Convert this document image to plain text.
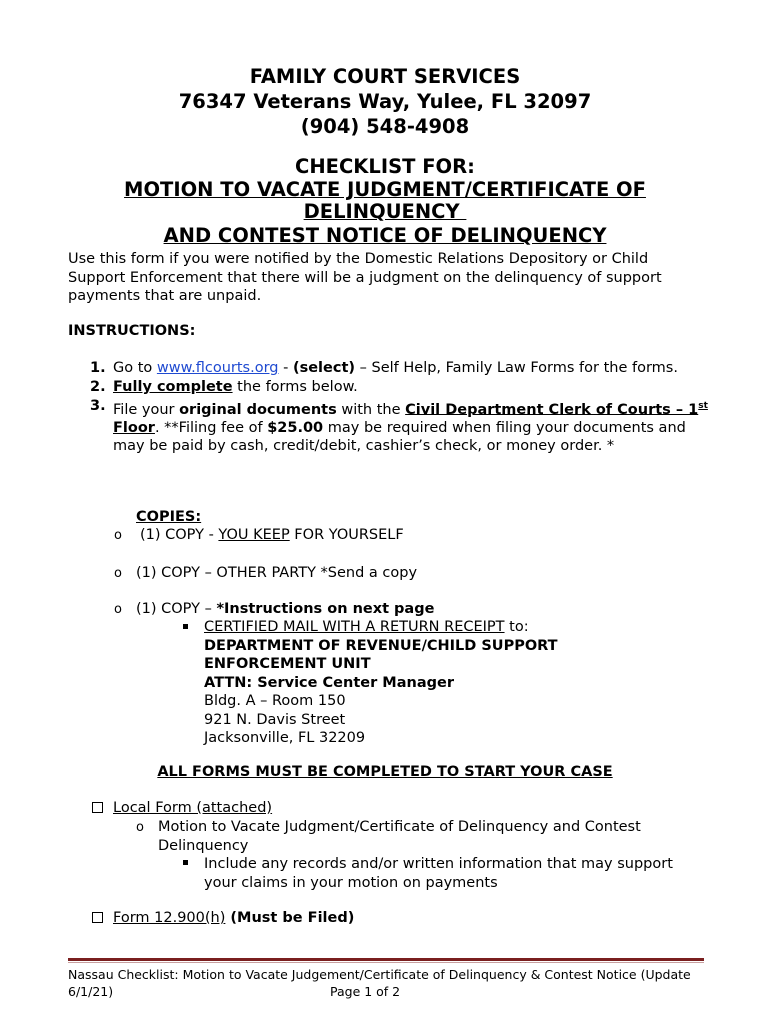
FAMILY COURT SERVICES
76347 Veterans Way, Yulee, FL 32097
(904) 548-4908
CHECKLIST FOR:
MOTION TO VACATE JUDGMENT/CERTIFICATE OF
DELINQUENCY
AND CONTEST NOTICE OF DELINQUENCY
Use this form if you were notified by the Domestic Relations Depository or Child Support Enforcement that there will be a judgment on the delinquency of support payments that are unpaid.
INSTRUCTIONS:
1. Go to www.flcourts.org - (select) – Self Help, Family Law Forms for the forms.
2. Fully complete the forms below.
3. File your original documents with the Civil Department Clerk of Courts – 1st Floor. **Filing fee of $25.00 may be required when filing your documents and may be paid by cash, credit/debit, cashier’s check, or money order. *
COPIES:
o (1) COPY - YOU KEEP FOR YOURSELF
o (1) COPY – OTHER PARTY *Send a copy
o (1) COPY – *Instructions on next page
CERTIFIED MAIL WITH A RETURN RECEIPT to:
DEPARTMENT OF REVENUE/CHILD SUPPORT
ENFORCEMENT UNIT
ATTN: Service Center Manager
Bldg. A – Room 150
921 N. Davis Street
Jacksonville, FL 32209
ALL FORMS MUST BE COMPLETED TO START YOUR CASE
Local Form (attached)
o Motion to Vacate Judgment/Certificate of Delinquency and Contest Delinquency
Include any records and/or written information that may support your claims in your motion on payments
Form 12.900(h) (Must be Filed)
Nassau Checklist: Motion to Vacate Judgement/Certificate of Delinquency & Contest Notice (Update 6/1/21)	Page 1 of 2
